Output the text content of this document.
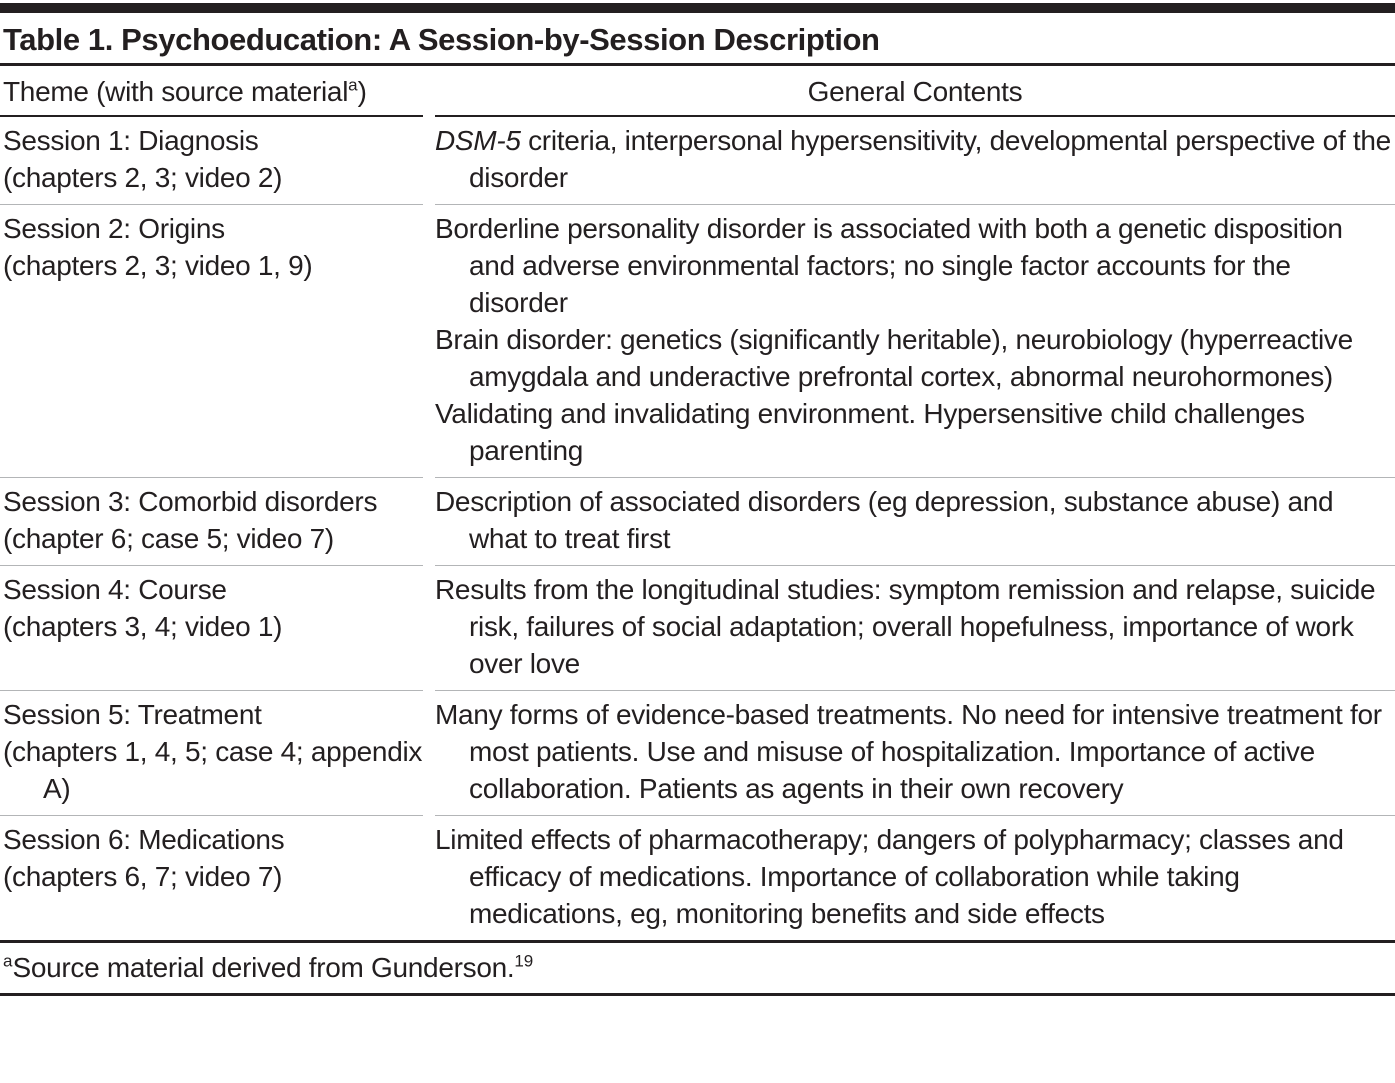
Table 1. Psychoeducation: A Session-by-Session Description
Theme (with source material$^a$)	General Contents

Session 1: Diagnosis

(chapters 2, 3; video 2)

DSM-5 criteria, interpersonal hypersensitivity, developmental perspective of the disorder

Session 2: Origins

(chapters 2, 3; video 1, 9)

Borderline personality disorder is associated with both a genetic disposition and adverse environmental factors; no single factor accounts for the disorder

Brain disorder: genetics (significantly heritable), neurobiology (hyperreactive amygdala and underactive prefrontal cortex, abnormal neurohormones)

Validating and invalidating environment. Hypersensitive child challenges parenting

Session 3: Comorbid disorders

(chapter 6; case 5; video 7)

Description of associated disorders (eg depression, substance abuse) and what to treat first

Session 4: Course

(chapters 3, 4; video 1)

Results from the longitudinal studies: symptom remission and relapse, suicide risk, failures of social adaptation; overall hopefulness, importance of work over love

Session 5: Treatment

(chapters 1, 4, 5; case 4; appendix A)

Many forms of evidence-based treatments. No need for intensive treatment for most patients. Use and misuse of hospitalization. Importance of active collaboration. Patients as agents in their own recovery

Session 6: Medications

(chapters 6, 7; video 7)

Limited effects of pharmacotherapy; dangers of polypharmacy; classes and efficacy of medications. Importance of collaboration while taking medications, eg, monitoring benefits and side effects

$^a$Source material derived from Gunderson.$^{19}$
